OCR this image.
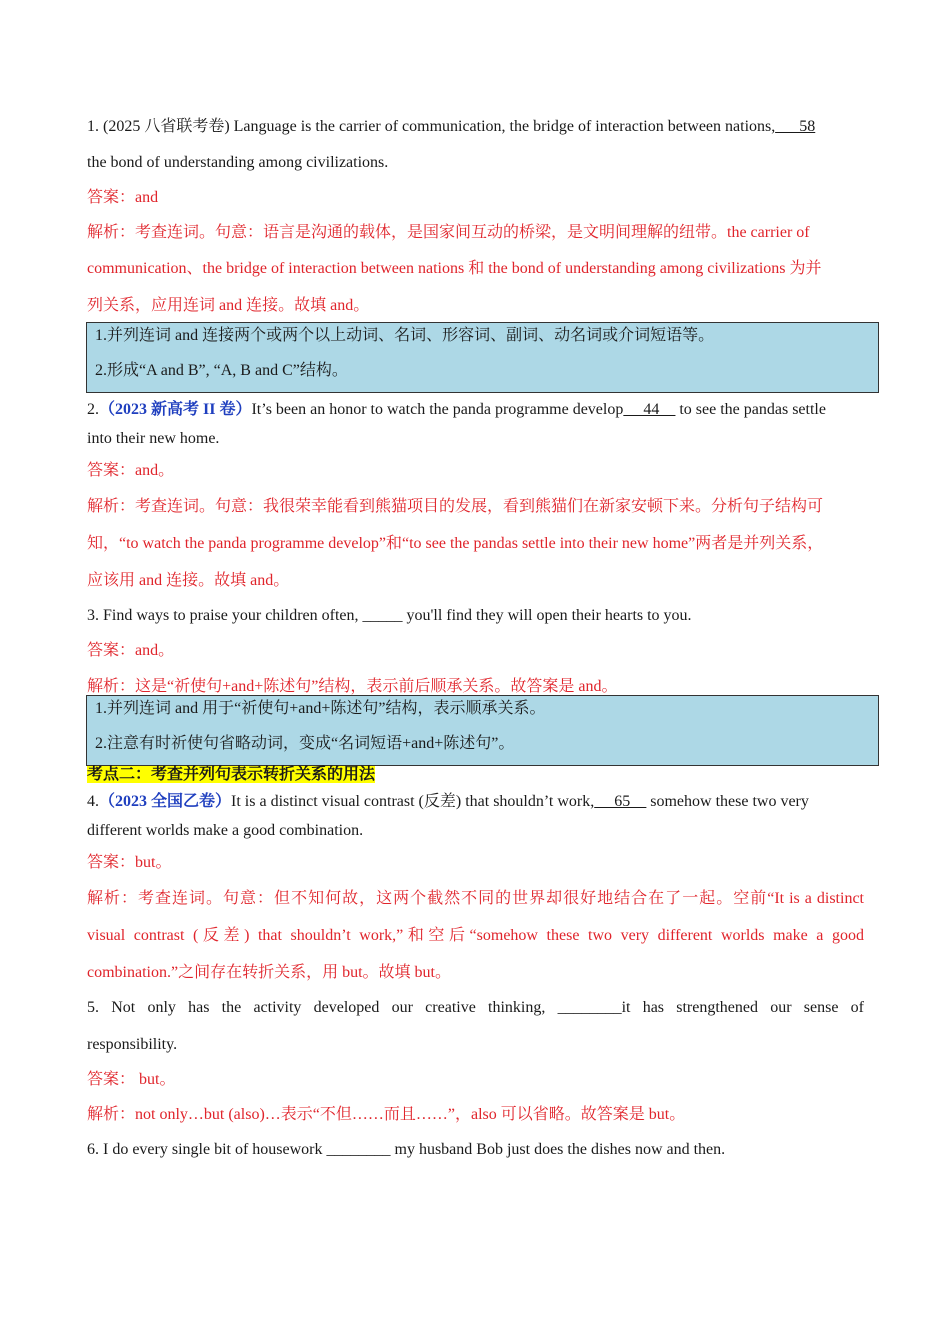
1. (2025 八省联考卷) Language is the carrier of communication, the bridge of interaction between nations,___58

the bond of understanding among civilizations.

答案：and

解析：考查连词。句意：语言是沟通的载体，是国家间互动的桥梁，是文明间理解的纽带。the carrier of

communication、the bridge of interaction between nations 和 the bond of understanding among civilizations 为并

列关系，应用连词 and 连接。故填 and。

1.并列连词 and 连接两个或两个以上动词、名词、形容词、副词、动名词或介词短语等。

2.形成“A and B”, “A, B and C”结构。

2.（2023 新高考 II 卷）It’s been an honor to watch the panda programme develop __44__ to see the pandas settle

into their new home.

答案：and。

解析：考查连词。句意：我很荣幸能看到熊猫项目的发展，看到熊猫们在新家安顿下来。分析句子结构可

知，“to watch the panda programme develop”和“to see the pandas settle into their new home”两者是并列关系，

应该用 and 连接。故填 and。

3. Find ways to praise your children often, _____ you'll find they will open their hearts to you.

答案：and。

解析：这是“祈使句+and+陈述句”结构，表示前后顺承关系。故答案是 and。

1.并列连词 and 用于“祈使句+and+陈述句”结构，表示顺承关系。

2.注意有时祈使句省略动词，变成“名词短语+and+陈述句”。

考点二：考查并列句表示转折关系的用法

4.（2023 全国乙卷）It is a distinct visual contrast (反差) that shouldn’t work, __65__ somehow these two very

different worlds make a good combination.

答案：but。

解析：考查连词。句意：但不知何故，这两个截然不同的世界却很好地结合在了一起。空前“It is a distinct

visual contrast (反差) that shouldn’t work,”和空后“somehow these two very different worlds make a good

combination.”之间存在转折关系，用 but。故填 but。

5. Not only has the activity developed our creative thinking, ________it has strengthened our sense of

responsibility.

答案： but。

解析：not only…but (also)…表示“不但……而且……”，also 可以省略。故答案是 but。

6. I do every single bit of housework ________ my husband Bob just does the dishes now and then.
